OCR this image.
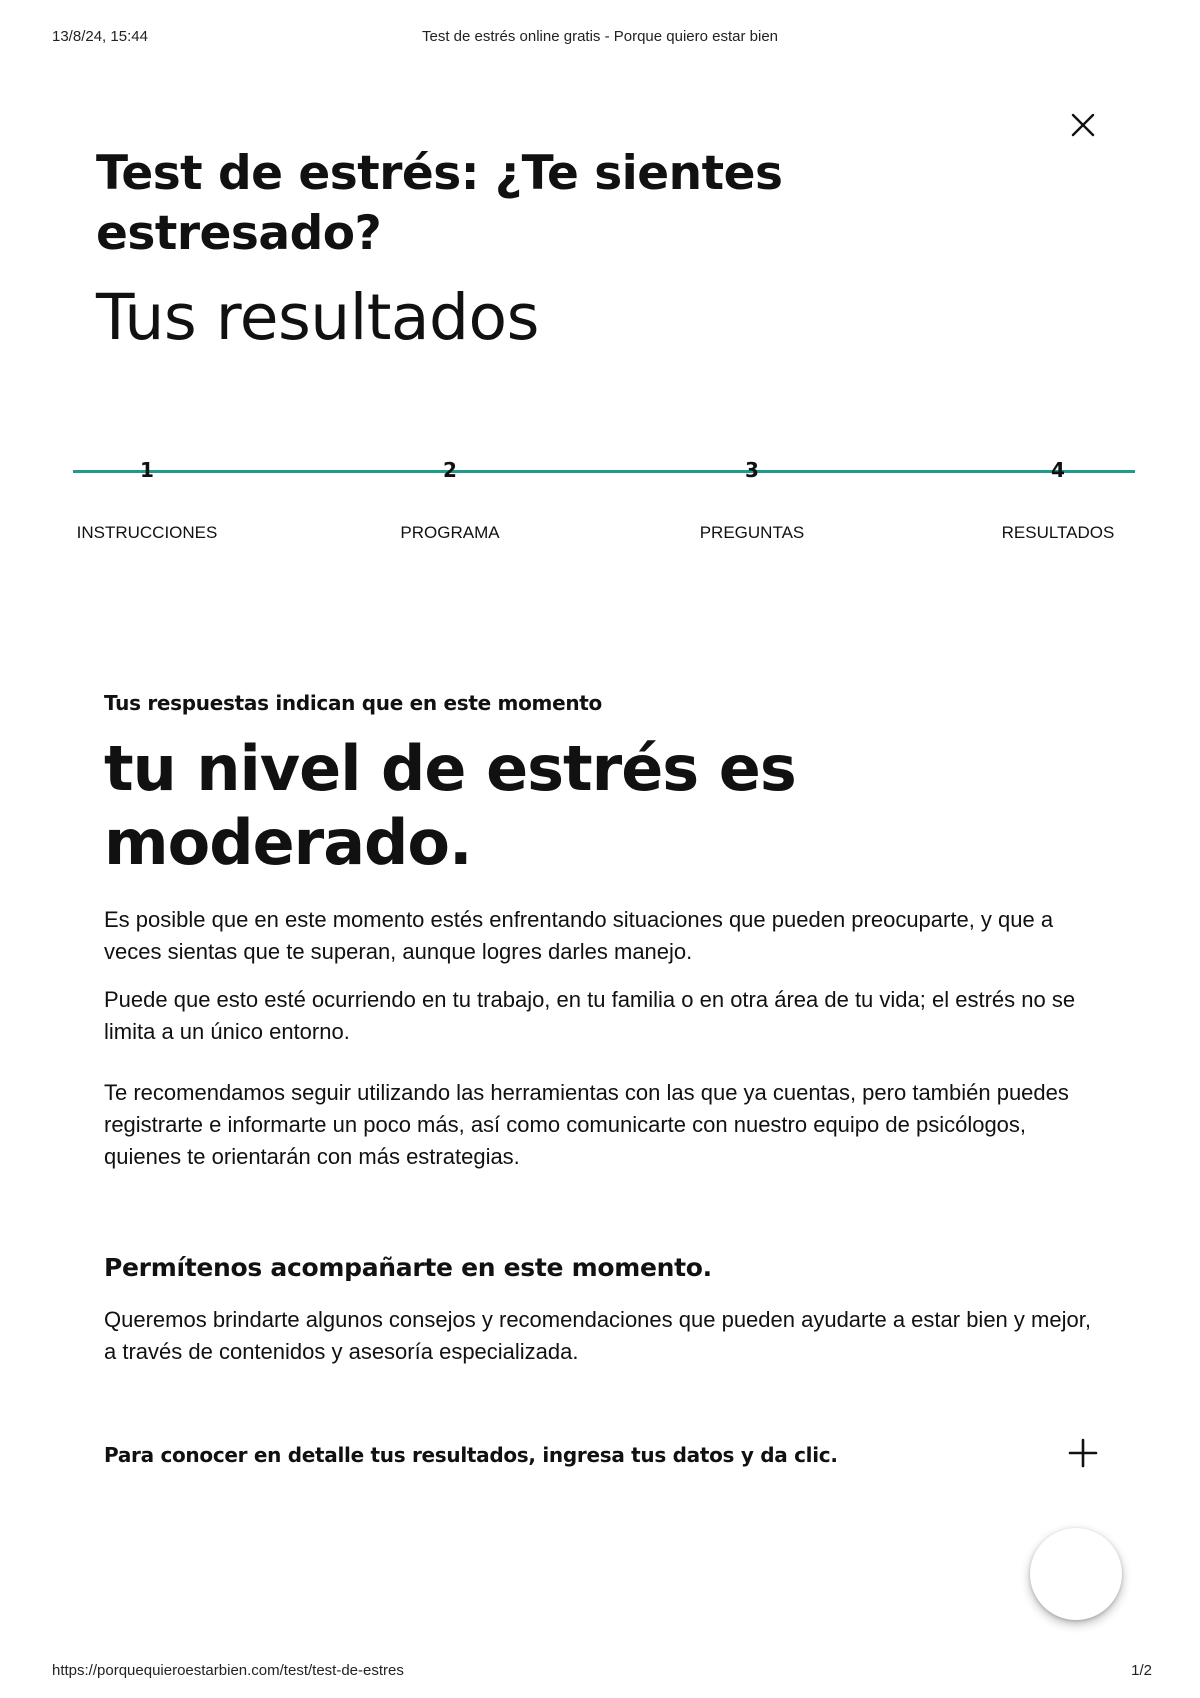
13/8/24, 15:44	Test de estrés online gratis - Porque quiero estar bien
Test de estrés: ¿Te sientes estresado?
Tus resultados
1
INSTRUCCIONES
2
PROGRAMA
3
PREGUNTAS
4
RESULTADOS
Tus respuestas indican que en este momento
tu nivel de estrés es moderado.

Es posible que en este momento estés enfrentando situaciones que pueden preocuparte, y que a veces sientas que te superan, aunque logres darles manejo.

Puede que esto esté ocurriendo en tu trabajo, en tu familia o en otra área de tu vida; el estrés no se limita a un único entorno.

Te recomendamos seguir utilizando las herramientas con las que ya cuentas, pero también puedes registrarte e informarte un poco más, así como comunicarte con nuestro equipo de psicólogos, quienes te orientarán con más estrategias.

Permítenos acompañarte en este momento.

Queremos brindarte algunos consejos y recomendaciones que pueden ayudarte a estar bien y mejor, a través de contenidos y asesoría especializada.

Para conocer en detalle tus resultados, ingresa tus datos y da clic.
https://porquequieroestarbien.com/test/test-de-estres	1/2
